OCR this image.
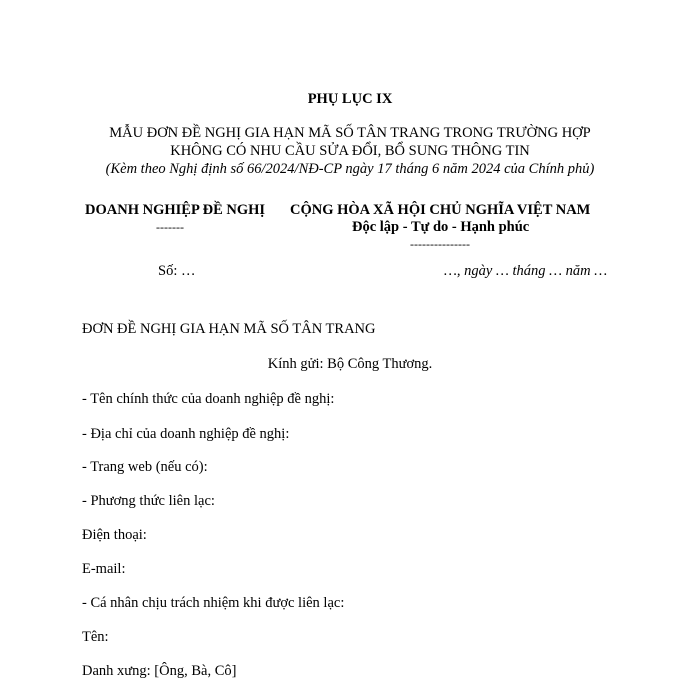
PHỤ LỤC IX
MẪU ĐƠN ĐỀ NGHỊ GIA HẠN MÃ SỐ TÂN TRANG TRONG TRƯỜNG HỢP
KHÔNG CÓ NHU CẦU SỬA ĐỔI, BỔ SUNG THÔNG TIN
(Kèm theo Nghị định số 66/2024/NĐ-CP ngày 17 tháng 6 năm 2024 của Chính phủ)
DOANH NGHIỆP ĐỀ NGHỊ
-------
CỘNG HÒA XÃ HỘI CHỦ NGHĨA VIỆT NAM
Độc lập - Tự do - Hạnh phúc
---------------
Số: …	…, ngày … tháng … năm …
ĐƠN ĐỀ NGHỊ GIA HẠN MÃ SỐ TÂN TRANG
Kính gửi: Bộ Công Thương.
- Tên chính thức của doanh nghiệp đề nghị:
- Địa chỉ của doanh nghiệp đề nghị:
- Trang web (nếu có):
- Phương thức liên lạc:
Điện thoại:
E-mail:
- Cá nhân chịu trách nhiệm khi được liên lạc:
Tên:
Danh xưng: [Ông, Bà, Cô]
